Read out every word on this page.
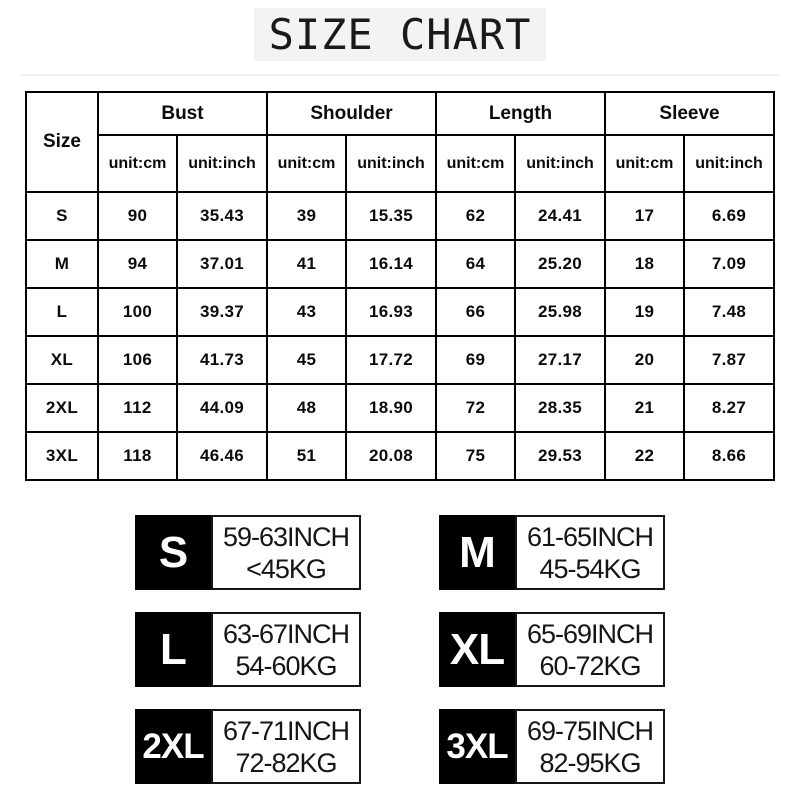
SIZE CHART
Size	Bust		Shoulder		Length		Sleeve	
	unit:cm	unit:inch	unit:cm	unit:inch	unit:cm	unit:inch	unit:cm	unit:inch
S	90	35.43	39	15.35	62	24.41	17	6.69
M	94	37.01	41	16.14	64	25.20	18	7.09
L	100	39.37	43	16.93	66	25.98	19	7.48
XL	106	41.73	45	17.72	69	27.17	20	7.87
2XL	112	44.09	48	18.90	72	28.35	21	8.27
3XL	118	46.46	51	20.08	75	29.53	22	8.66
S	59-63INCH
<45KG	M	61-65INCH
45-54KG
L	63-67INCH
54-60KG	XL 65-69INCH
60-72KG
2XL 67-71INCH
72-82KG	3XL 69-75INCH
82-95KG
